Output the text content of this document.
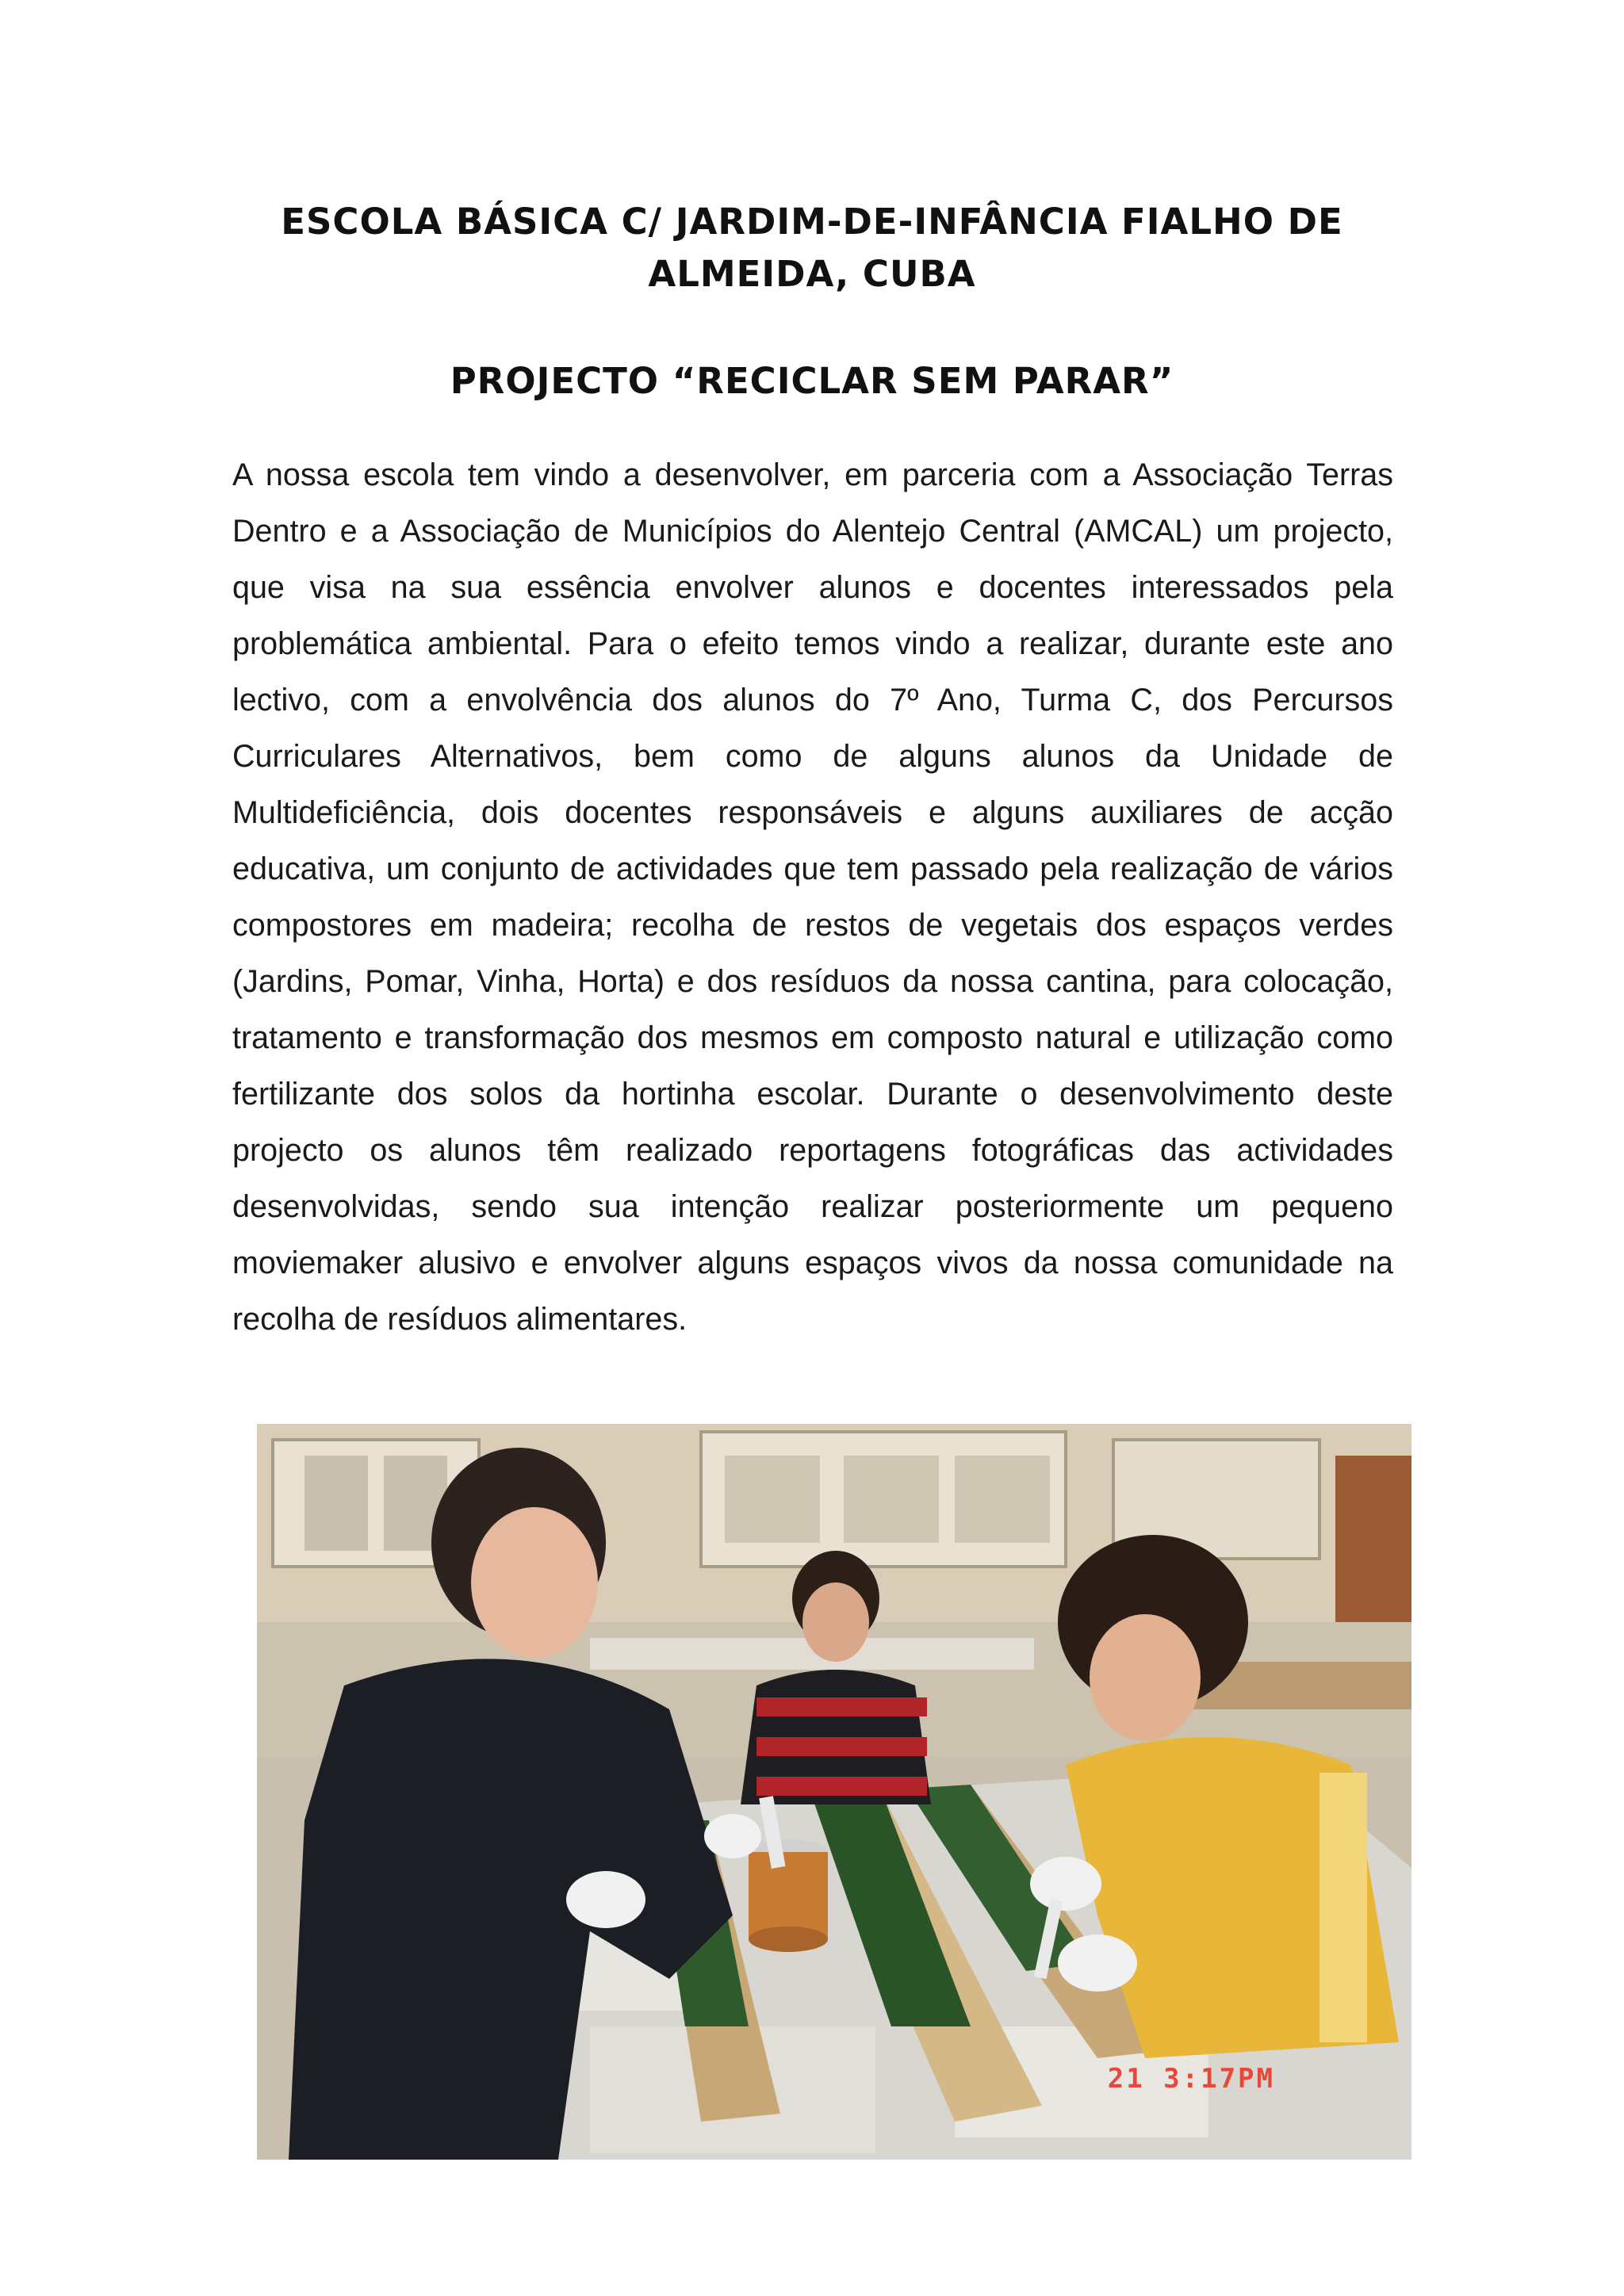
ESCOLA BÁSICA C/ JARDIM-DE-INFÂNCIA FIALHO DE ALMEIDA, CUBA
PROJECTO “RECICLAR SEM PARAR”
A nossa escola tem vindo a desenvolver, em parceria com a Associação Terras Dentro e a Associação de Municípios do Alentejo Central (AMCAL) um projecto, que visa na sua essência envolver alunos e docentes interessados pela problemática ambiental. Para o efeito temos vindo a realizar, durante este ano lectivo, com a envolvência dos alunos do 7º Ano, Turma C, dos Percursos Curriculares Alternativos, bem como de alguns alunos da Unidade de Multideficiência, dois docentes responsáveis e alguns auxiliares de acção educativa, um conjunto de actividades que tem passado pela realização de vários compostores em madeira; recolha de restos de vegetais dos espaços verdes (Jardins, Pomar, Vinha, Horta) e dos resíduos da nossa cantina, para colocação, tratamento e transformação dos mesmos em composto natural e utilização como fertilizante dos solos da hortinha escolar. Durante o desenvolvimento deste projecto os alunos têm realizado reportagens fotográficas das actividades desenvolvidas, sendo sua intenção realizar posteriormente um pequeno moviemaker alusivo e envolver alguns espaços vivos da nossa comunidade na recolha de resíduos alimentares.
21 3:17PM
